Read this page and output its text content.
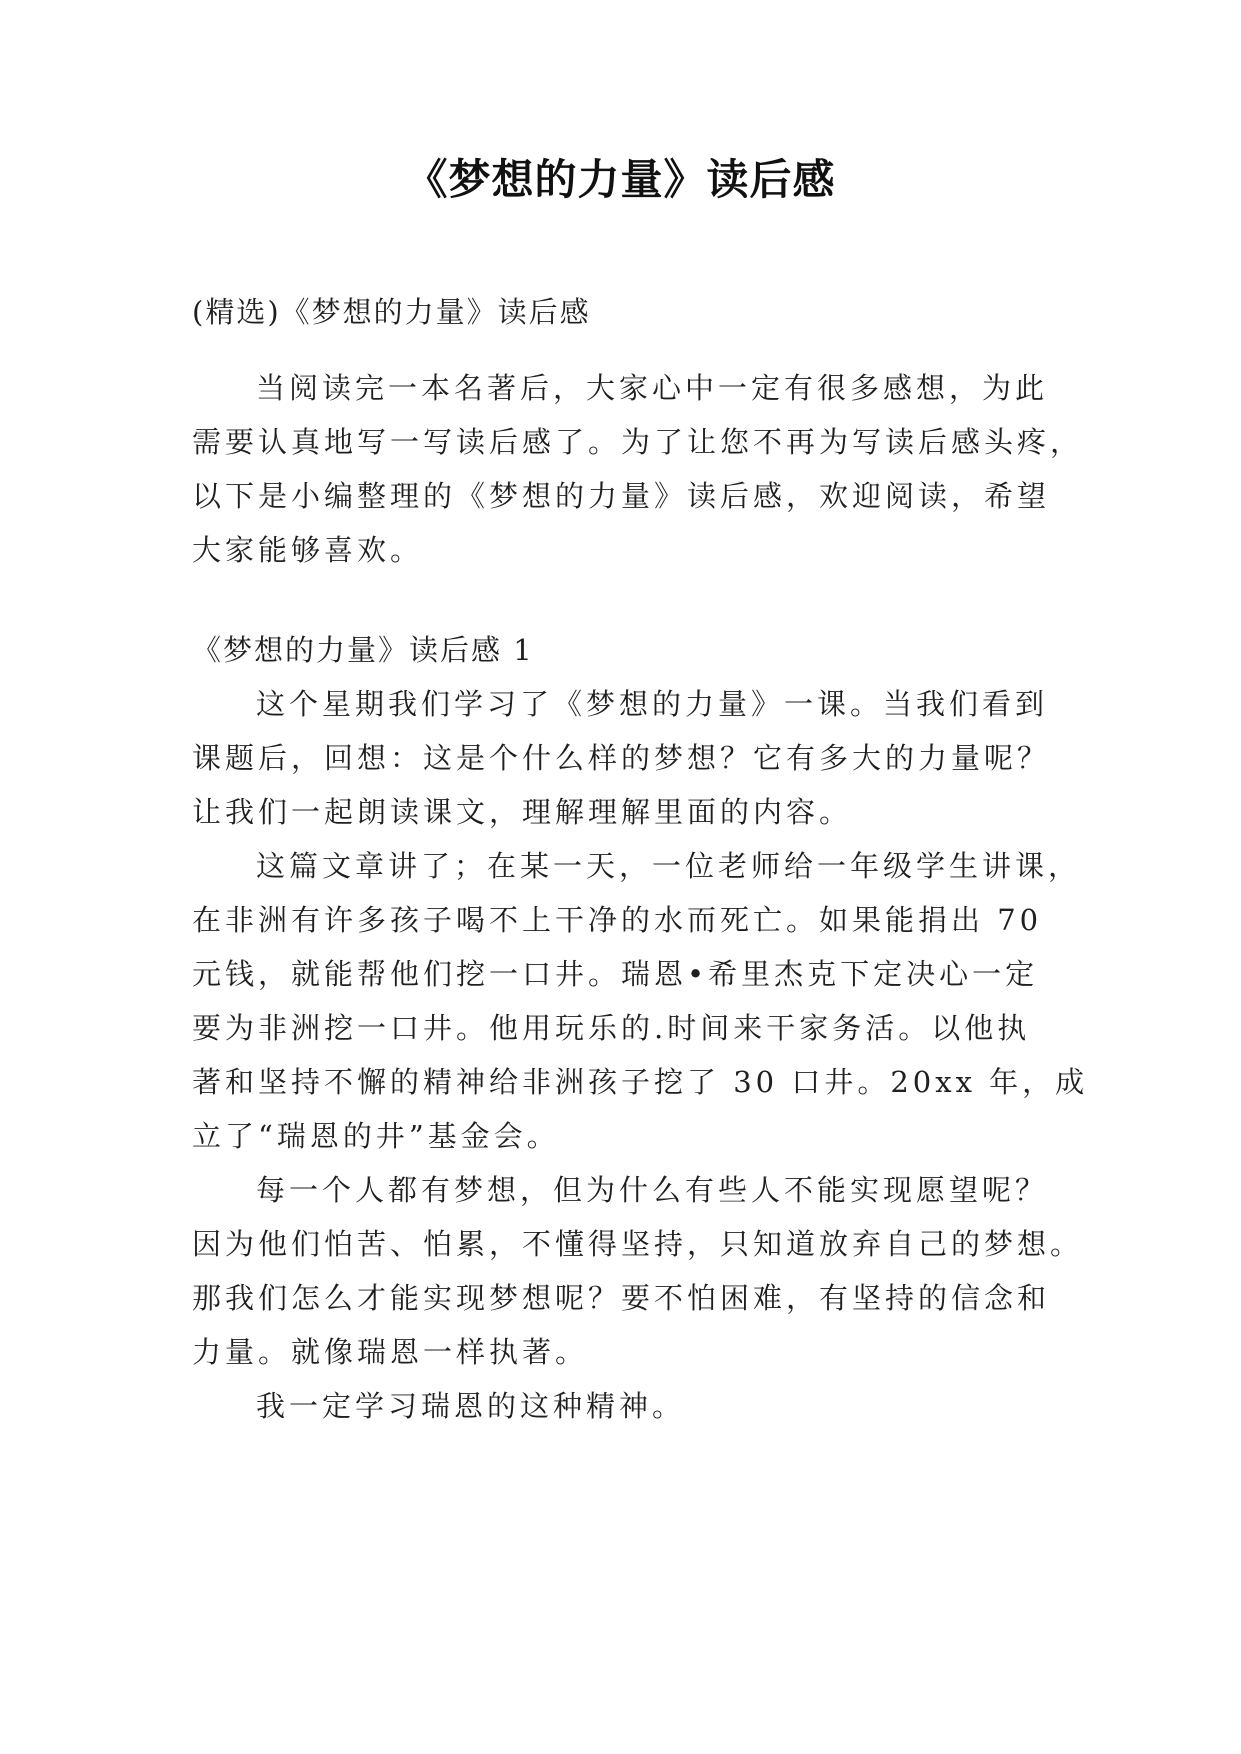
《梦想的力量》读后感
(精选)《梦想的力量》读后感
当阅读完一本名著后，大家心中一定有很多感想，为此
需要认真地写一写读后感了。为了让您不再为写读后感头疼，
以下是小编整理的《梦想的力量》读后感，欢迎阅读，希望
大家能够喜欢。
《梦想的力量》读后感 1
这个星期我们学习了《梦想的力量》一课。当我们看到
课题后，回想：这是个什么样的梦想？它有多大的力量呢？
让我们一起朗读课文，理解理解里面的内容。
这篇文章讲了；在某一天，一位老师给一年级学生讲课，
在非洲有许多孩子喝不上干净的水而死亡。如果能捐出 70
元钱，就能帮他们挖一口井。瑞恩•希里杰克下定决心一定
要为非洲挖一口井。他用玩乐的.时间来干家务活。以他执
著和坚持不懈的精神给非洲孩子挖了 30 口井。20xx 年，成
立了“瑞恩的井”基金会。
每一个人都有梦想，但为什么有些人不能实现愿望呢？
因为他们怕苦、怕累，不懂得坚持，只知道放弃自己的梦想。
那我们怎么才能实现梦想呢？要不怕困难，有坚持的信念和
力量。就像瑞恩一样执著。
我一定学习瑞恩的这种精神。
